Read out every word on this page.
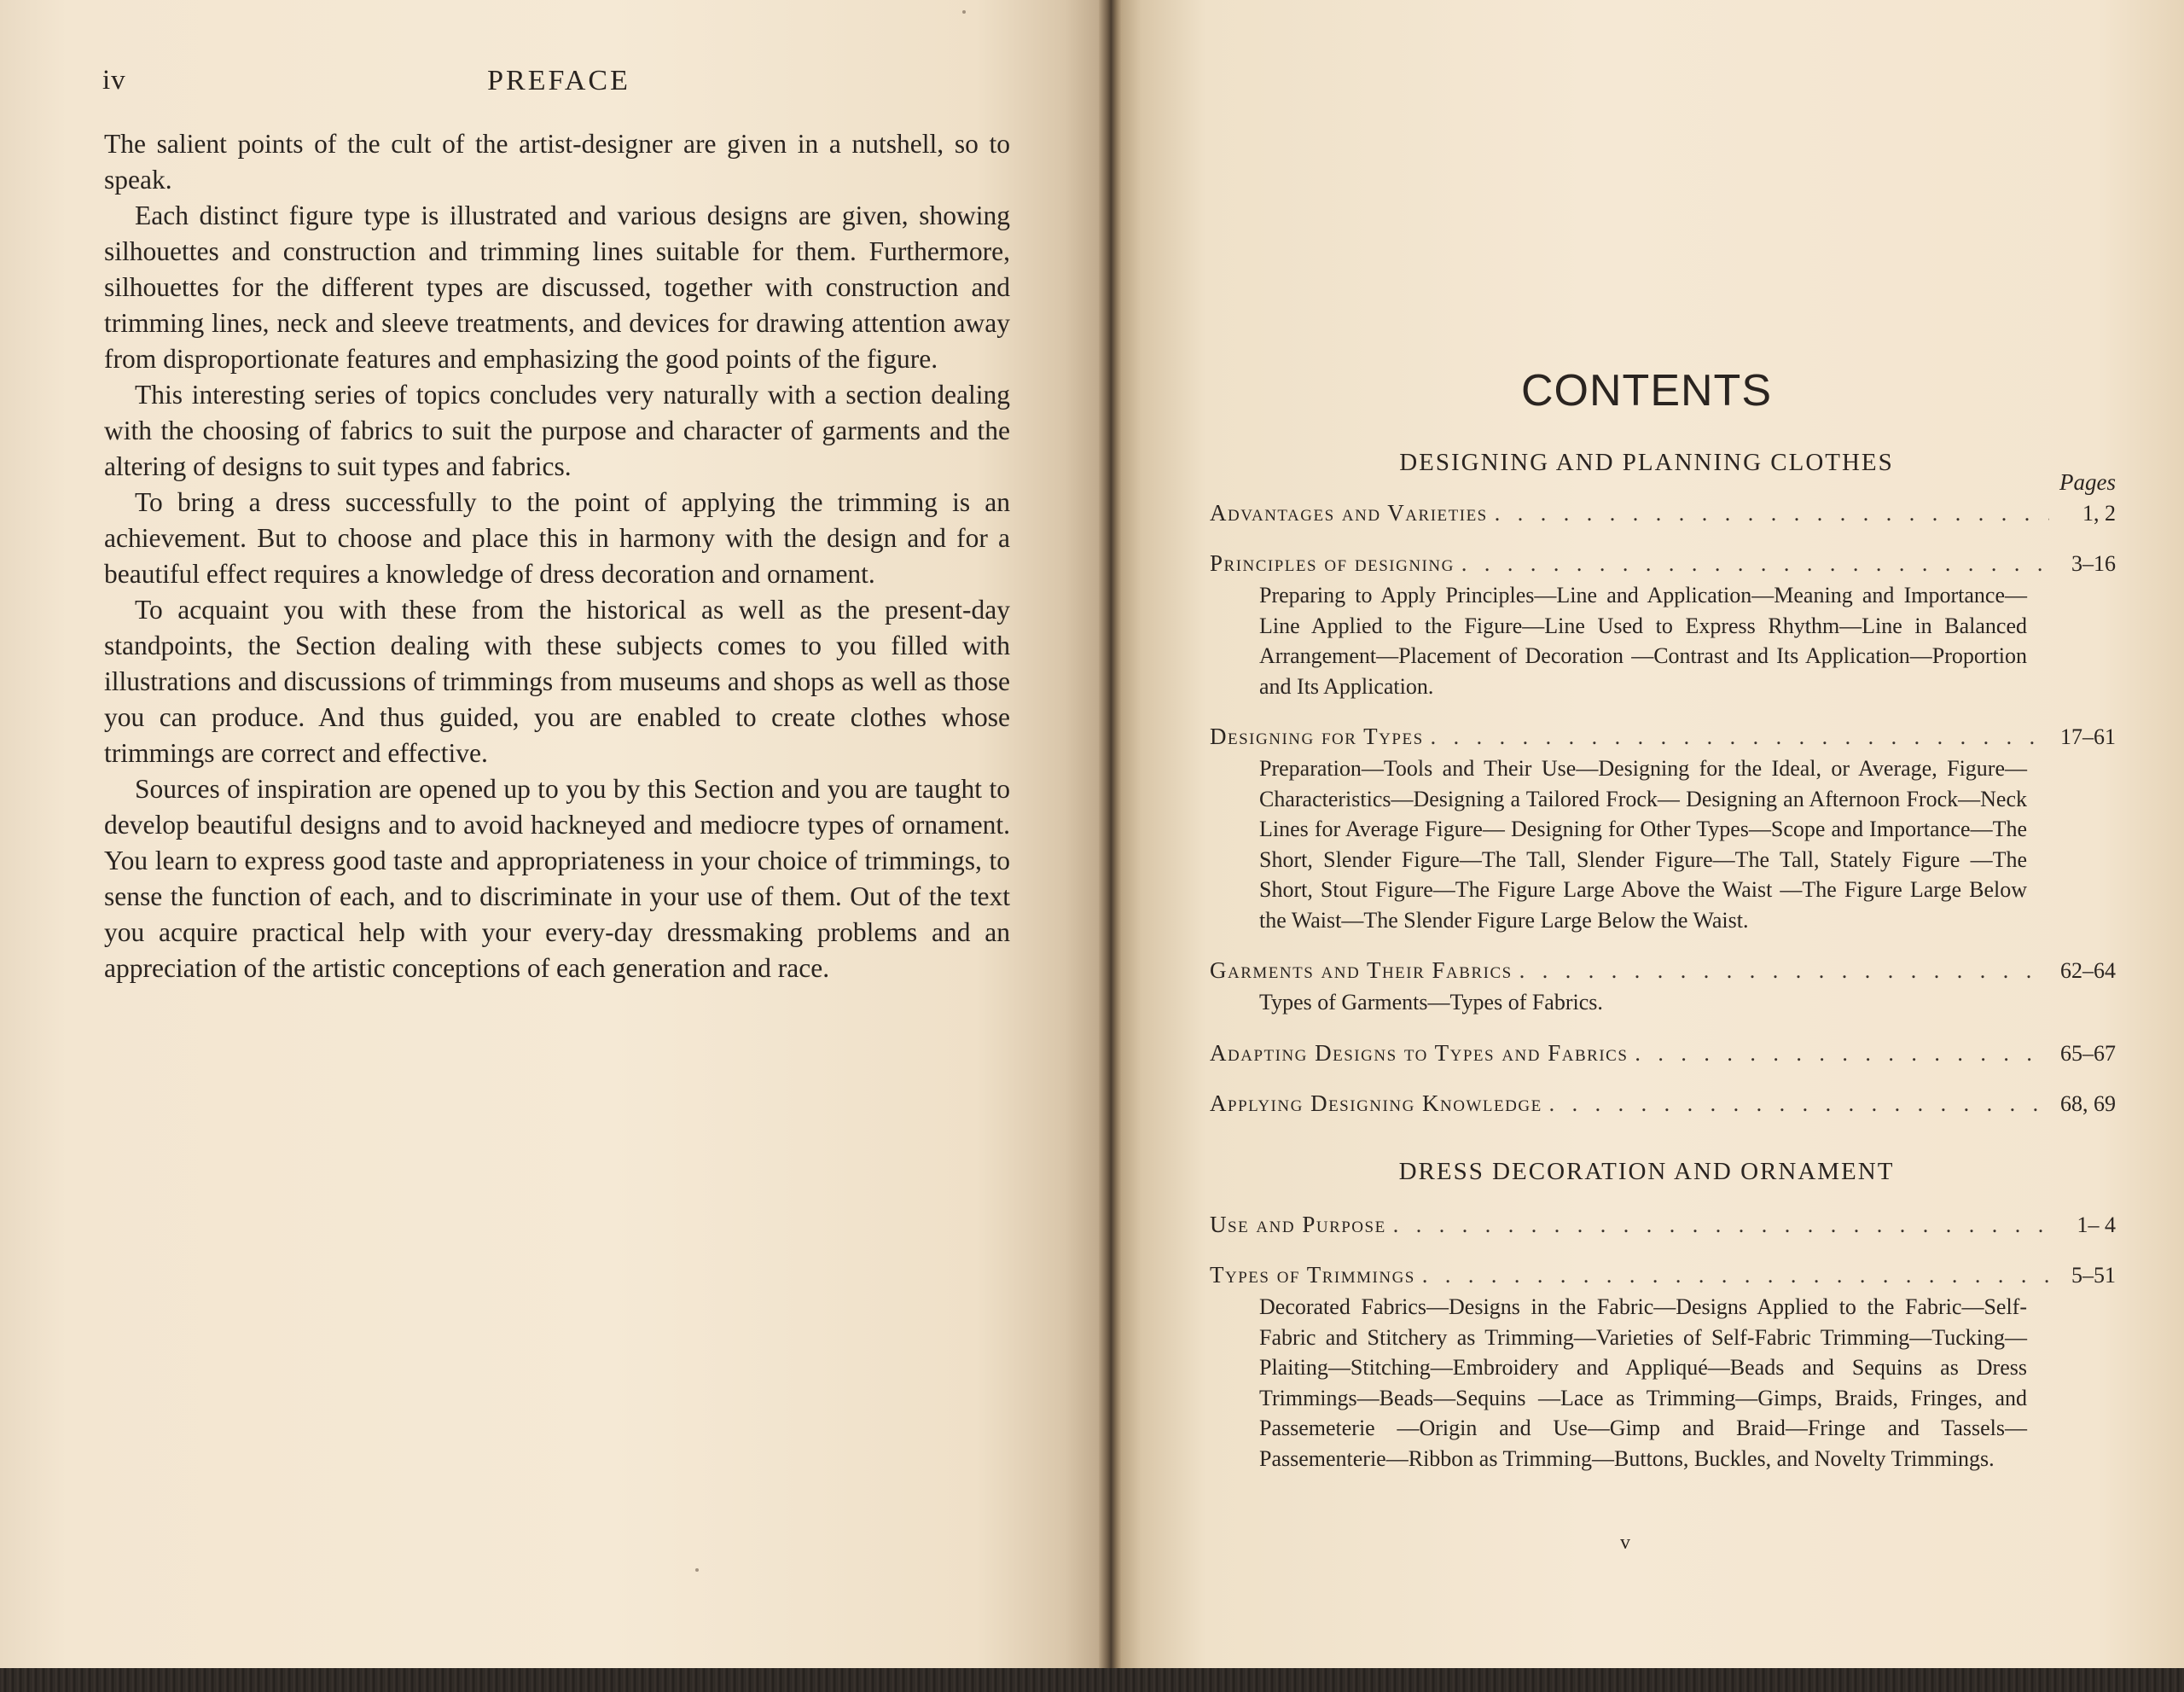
iv	PREFACE

The salient points of the cult of the artist-designer are given in a nutshell, so to speak.

Each distinct figure type is illustrated and various designs are given, showing silhouettes and construction and trimming lines suitable for them. Furthermore, silhouettes for the different types are discussed, together with construction and trimming lines, neck and sleeve treatments, and devices for drawing attention away from disproportionate features and emphasizing the good points of the figure.

This interesting series of topics concludes very naturally with a section dealing with the choosing of fabrics to suit the purpose and character of garments and the altering of designs to suit types and fabrics.

To bring a dress successfully to the point of applying the trimming is an achievement. But to choose and place this in harmony with the design and for a beautiful effect requires a knowledge of dress decoration and ornament.

To acquaint you with these from the historical as well as the present-day standpoints, the Section dealing with these subjects comes to you filled with illustrations and discussions of trimmings from museums and shops as well as those you can produce. And thus guided, you are enabled to create clothes whose trimmings are correct and effective.

Sources of inspiration are opened up to you by this Section and you are taught to develop beautiful designs and to avoid hackneyed and mediocre types of ornament. You learn to express good taste and appropriateness in your choice of trimmings, to sense the function of each, and to discriminate in your use of them. Out of the text you acquire practical help with your every-day dressmaking problems and an appreciation of the artistic conceptions of each generation and race.

CONTENTS
DESIGNING AND PLANNING CLOTHES
Pages
Advantages and Varieties . . .	1, 2
Principles of designing . . .	3–16
Preparing to Apply Principles—Line and Application—Meaning and Importance—Line Applied to the Figure—Line Used to Express Rhythm—Line in Balanced Arrangement—Placement of Decoration —Contrast and Its Application—Proportion and Its Application.
Designing for Types . . .	17–61
Preparation—Tools and Their Use—Designing for the Ideal, or Average, Figure—Characteristics—Designing a Tailored Frock— Designing an Afternoon Frock—Neck Lines for Average Figure— Designing for Other Types—Scope and Importance—The Short, Slender Figure—The Tall, Slender Figure—The Tall, Stately Figure —The Short, Stout Figure—The Figure Large Above the Waist —The Figure Large Below the Waist—The Slender Figure Large Below the Waist.
Garments and Their Fabrics . . .	62–64
Types of Garments—Types of Fabrics.
Adapting Designs to Types and Fabrics . . .	65–67
Applying Designing Knowledge . . .	68, 69
DRESS DECORATION AND ORNAMENT
Use and Purpose . . .	1– 4
Types of Trimmings . . .	5–51
Decorated Fabrics—Designs in the Fabric—Designs Applied to the Fabric—Self-Fabric and Stitchery as Trimming—Varieties of Self-Fabric Trimming—Tucking—Plaiting—Stitching—Embroidery and Appliqué—Beads and Sequins as Dress Trimmings—Beads—Sequins —Lace as Trimming—Gimps, Braids, Fringes, and Passemeterie —Origin and Use—Gimp and Braid—Fringe and Tassels—Passementerie—Ribbon as Trimming—Buttons, Buckles, and Novelty Trimmings.
v
